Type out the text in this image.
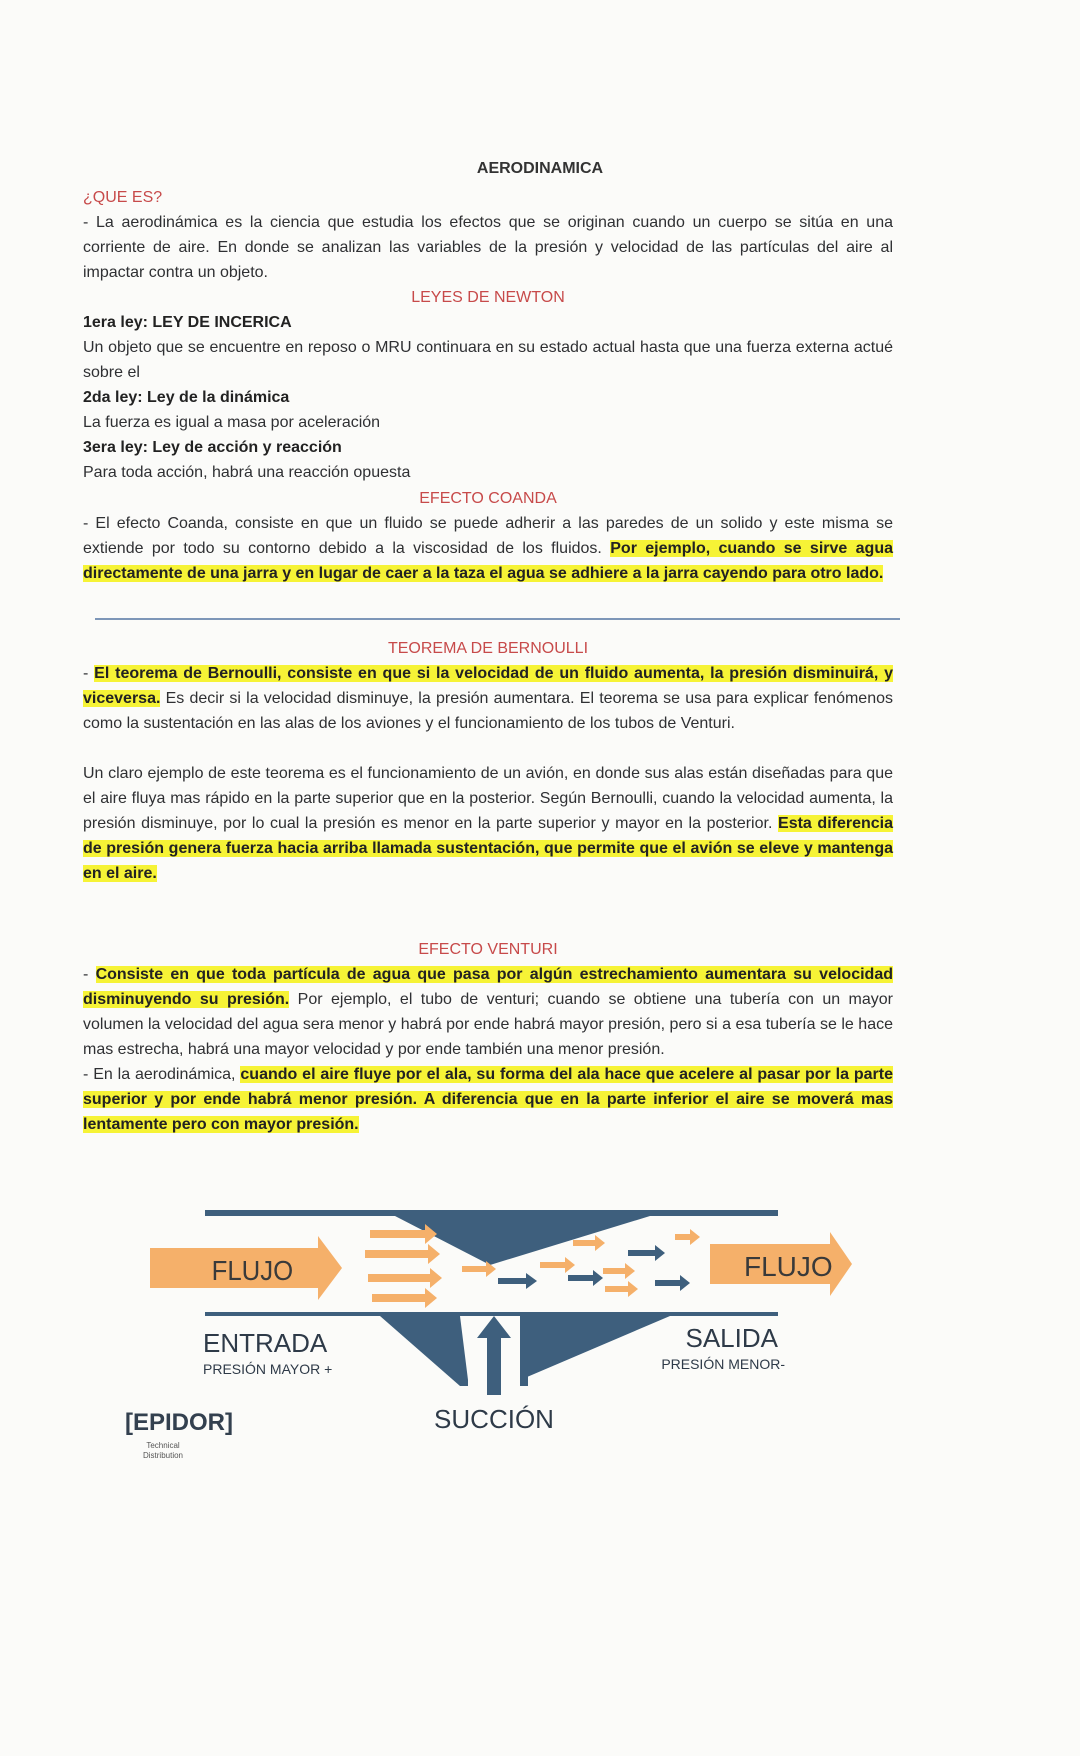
AERODINAMICA
¿QUE ES?

- La aerodinámica es la ciencia que estudia los efectos que se originan cuando un cuerpo se sitúa en una corriente de aire. En donde se analizan las variables de la presión y velocidad de las partículas del aire al impactar contra un objeto.

LEYES DE NEWTON
1era ley: LEY DE INCERICA

Un objeto que se encuentre en reposo o MRU continuara en su estado actual hasta que una fuerza externa actué sobre el

2da ley: Ley de la dinámica

La fuerza es igual a masa por aceleración

3era ley: Ley de acción y reacción

Para toda acción, habrá una reacción opuesta

EFECTO COANDA

- El efecto Coanda, consiste en que un fluido se puede adherir a las paredes de un solido y este misma se extiende por todo su contorno debido a la viscosidad de los fluidos. Por ejemplo, cuando se sirve agua directamente de una jarra y en lugar de caer a la taza el agua se adhiere a la jarra cayendo para otro lado.

TEOREMA DE BERNOULLI

- El teorema de Bernoulli, consiste en que si la velocidad de un fluido aumenta, la presión disminuirá, y viceversa. Es decir si la velocidad disminuye, la presión aumentara. El teorema se usa para explicar fenómenos como la sustentación en las alas de los aviones y el funcionamiento de los tubos de Venturi.

Un claro ejemplo de este teorema es el funcionamiento de un avión, en donde sus alas están diseñadas para que el aire fluya mas rápido en la parte superior que en la posterior. Según Bernoulli, cuando la velocidad aumenta, la presión disminuye, por lo cual la presión es menor en la parte superior y mayor en la posterior. Esta diferencia de presión genera fuerza hacia arriba llamada sustentación, que permite que el avión se eleve y mantenga en el aire.

EFECTO VENTURI

- Consiste en que toda partícula de agua que pasa por algún estrechamiento aumentara su velocidad disminuyendo su presión. Por ejemplo, el tubo de venturi; cuando se obtiene una tubería con un mayor volumen la velocidad del agua sera menor y habrá por ende habrá mayor presión, pero si a esa tubería se le hace mas estrecha, habrá una mayor velocidad y por ende también una menor presión.

- En la aerodinámica, cuando el aire fluye por el ala, su forma del ala hace que acelere al pasar por la parte superior y por ende habrá menor presión. A diferencia que en la parte inferior el aire se moverá mas lentamente pero con mayor presión.

FLUJO	FLUJO
ENTRADA
PRESIÓN MAYOR +
SALIDA
PRESIÓN MENOR-
SUCCIÓN
[EPIDOR]
Technical
Distribution
